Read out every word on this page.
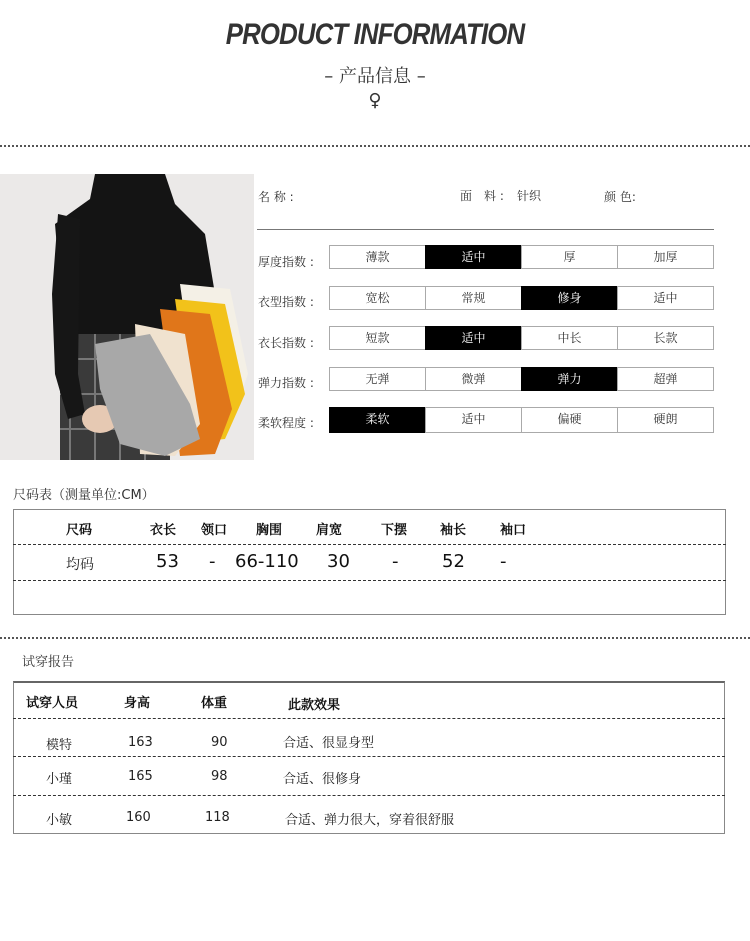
PRODUCT INFORMATION
– 产品信息 –
♀
名 称 :	面　料 : 针织	颜 色:
厚度指数 :	薄款	适中	厚	加厚
衣型指数 :	宽松	常规	修身	适中
衣长指数 :	短款	适中	中长	长款
弹力指数 :	无弹	微弹	弹力	超弹
柔软程度 :	柔软	适中	偏硬	硬朗
尺码表（测量单位:CM）
尺码	衣长 领口 胸围	肩宽	下摆	袖长	袖口
均码	53 - 66-110 30 - 52 -
试穿报告
试穿人员	身高	体重	此款效果
模特	163	90	合适、很显身型
小瑾	165	98	合适、很修身
小敏	160	118	合适、弹力很大，穿着很舒服
